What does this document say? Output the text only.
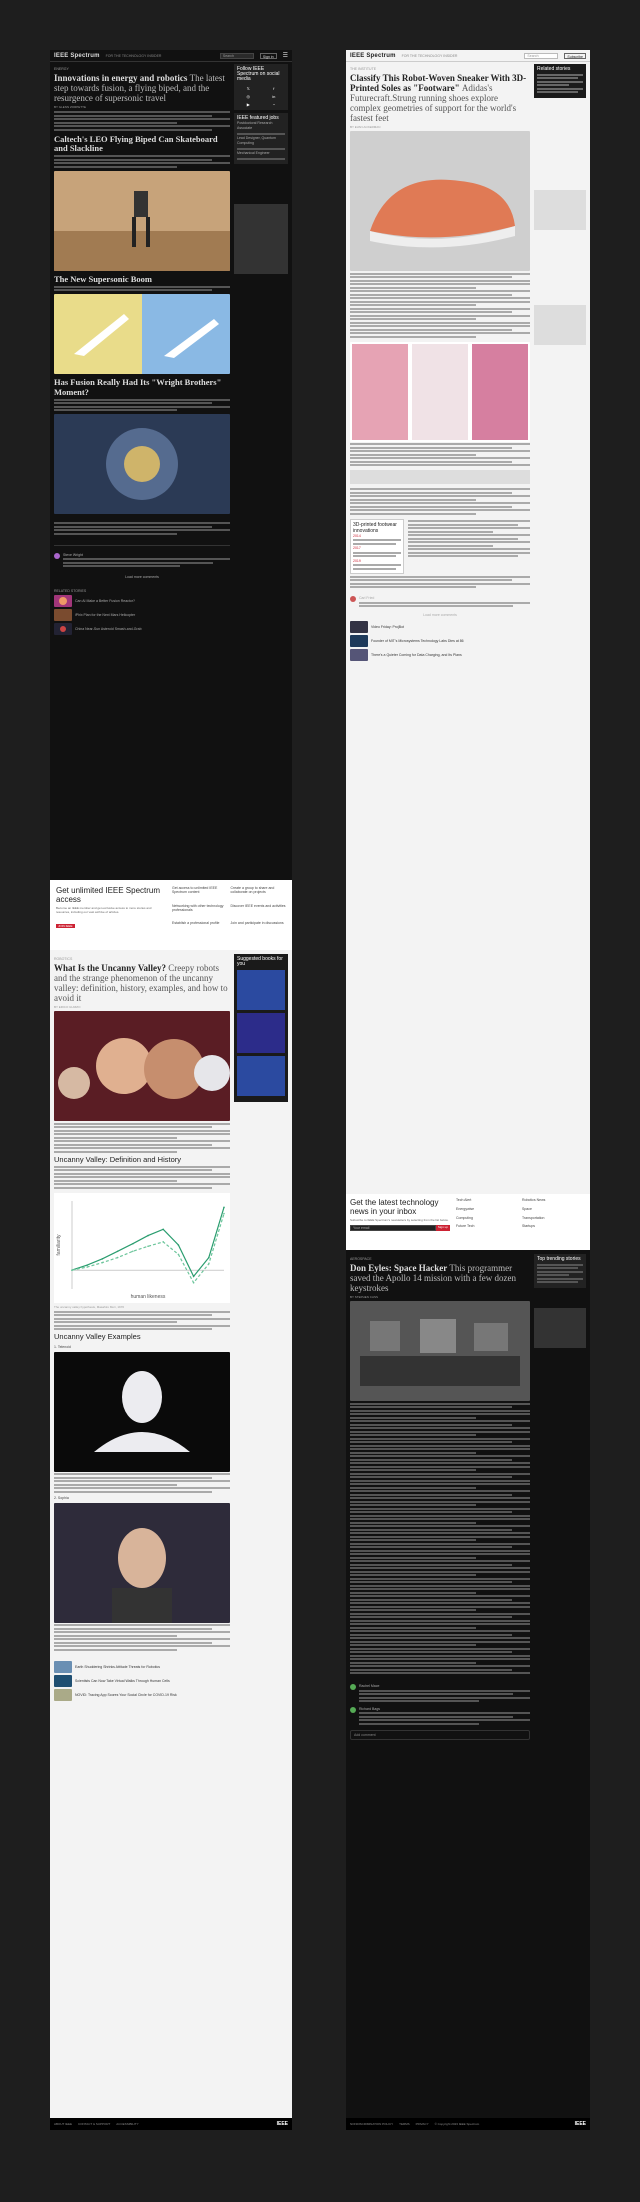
IEEE Spectrum FOR THE TECHNOLOGY INSIDER	Search	Sign in	☰
ENERGY
Innovations in energy and robotics The latest step towards fusion, a flying biped, and the resurgence of supersonic travel
BY GLENN ZORPETTE
Caltech's LEO Flying Biped Can Skateboard and Slackline
The New Supersonic Boom
Has Fusion Really Had Its "Wright Brothers" Moment?

Steve Wright
Load more comments
RELATED STORIES
Can AI Make a Better Fusion Reactor?
iPhix Plan for the Next Mars Helicopter
China Near-Sun Asteroid Smash-and-Grab
Follow IEEE Spectrum on social media
𝕏	f
◎	in
▶	◔
IEEE featured jobs
Postdoctoral Research Associate
Lead Designer, Quantum Computing
Mechanical Engineer
Get unlimited IEEE Spectrum access
Become an IEEE member and get exclusive access to more stories and resources, including our vast archive of articles.
JOIN IEEE
Get access to unlimited IEEE Spectrum content
Create a group to share and collaborate on projects
Networking with other technology professionals
Discover IEEE events and activities
Establish a professional profile	Join and participate in discussions
ROBOTICS
What Is the Uncanny Valley? Creepy robots and the strange phenomenon of the uncanny valley: definition, history, examples, and how to avoid it
BY ERICO GUIZZO
Uncanny Valley: Definition and History
human likeness
familiarity
The uncanny valley hypothesis, Masahiro Mori, 1970
Uncanny Valley Examples
1. Telenoid
2. Sophia
Earth Shuddering Shrinks Attitude Threats for Robotics
Scientists Can Now Take Virtual Walks Through Human Cells
NOVID: Tracing App Scores Your Social Circle for COVID-19 Risk
Suggested books for you
ABOUT IEEE CONTACT & SUPPORT ACCESSIBILITY	IEEE
IEEE Spectrum FOR THE TECHNOLOGY INSIDER	Search	Subscribe
THE INSTITUTE
Classify This Robot-Woven Sneaker With 3D-Printed Soles as "Footware" Adidas's Futurecraft.Strung running shoes explore complex geometries of support for the world's fastest feet
BY EVAN ACKERMAN
3D-printed footwear innovations
2014
2017
2019
Carl Fried
Load more comments
Video Friday: ProjBot
Founder of MIT's Microsystems Technology Labs Dies at 86
There's a Quieter Coming for Data Charging, and Its Plans
Related stories
Get the latest technology news in your inbox
Subscribe to IEEE Spectrum's newsletters by selecting from the list below.
Your email	Sign up
Tech Alert	Robotics News
Energywise	Space
Computing	Transportation
Future Tech	Startups
AEROSPACE
Don Eyles: Space Hacker This programmer saved the Apollo 14 mission with a few dozen keystrokes
BY STEPHEN CASS
Rachel Mace
Richard Bags
Add comment
Top trending stories
NONDISCRIMINATION POLICY TERMS PRIVACY © Copyright 2023 IEEE Spectrum	IEEE
